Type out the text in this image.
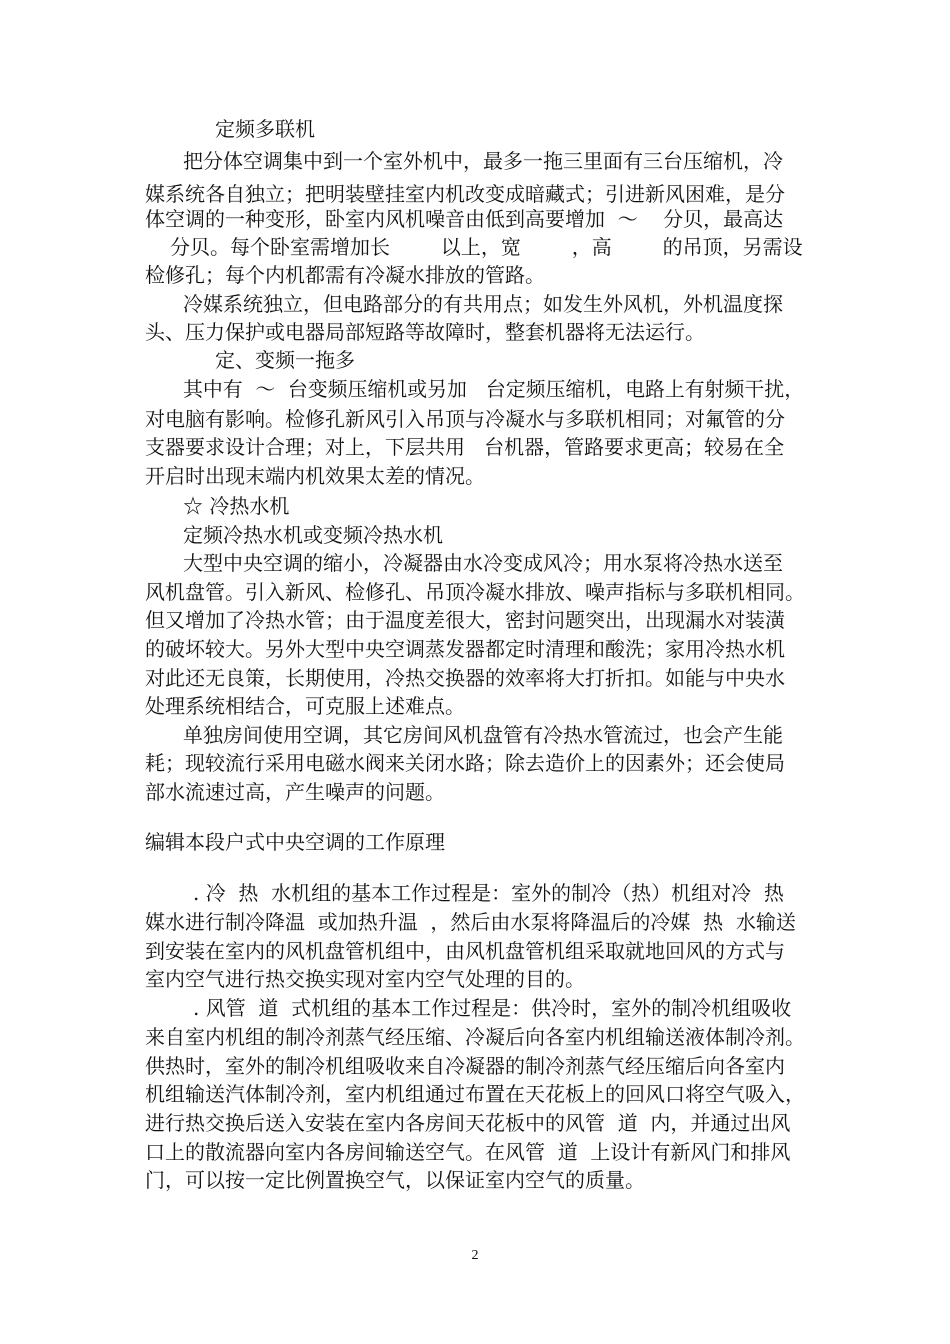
定频多联机
把分体空调集中到一个室外机中，最多一拖三里面有三台压缩机，冷
媒系统各自独立；把明装壁挂室内机改变成暗藏式；引进新风困难，是分
体空调的一种变形，卧室内风机噪音由低到高要增加  ～    分贝，最高达
分贝。每个卧室需增加长        以上，宽        ，高        的吊顶，另需设
检修孔；每个内机都需有冷凝水排放的管路。
冷媒系统独立，但电路部分的有共用点；如发生外风机，外机温度探
头、压力保护或电器局部短路等故障时，整套机器将无法运行。
定、变频一拖多
其中有  ～  台变频压缩机或另加   台定频压缩机，电路上有射频干扰，
对电脑有影响。检修孔新风引入吊顶与冷凝水与多联机相同；对氟管的分
支器要求设计合理；对上，下层共用   台机器，管路要求更高；较易在全
开启时出现末端内机效果太差的情况。
☆ 冷热水机
定频冷热水机或变频冷热水机
大型中央空调的缩小，冷凝器由水冷变成风冷；用水泵将冷热水送至
风机盘管。引入新风、检修孔、吊顶冷凝水排放、噪声指标与多联机相同。
但又增加了冷热水管；由于温度差很大，密封问题突出，出现漏水对装潢
的破坏较大。另外大型中央空调蒸发器都定时清理和酸洗；家用冷热水机
对此还无良策，长期使用，冷热交换器的效率将大打折扣。如能与中央水
处理系统相结合，可克服上述难点。
单独房间使用空调，其它房间风机盘管有冷热水管流过，也会产生能
耗；现较流行采用电磁水阀来关闭水路；除去造价上的因素外；还会使局
部水流速过高，产生噪声的问题。
编辑本段户式中央空调的工作原理
. 冷  热  水机组的基本工作过程是：室外的制冷（热）机组对冷  热
媒水进行制冷降温  或加热升温  ，然后由水泵将降温后的冷媒  热  水输送
到安装在室内的风机盘管机组中，由风机盘管机组采取就地回风的方式与
室内空气进行热交换实现对室内空气处理的目的。
. 风管  道  式机组的基本工作过程是：供冷时，室外的制冷机组吸收
来自室内机组的制冷剂蒸气经压缩、冷凝后向各室内机组输送液体制冷剂。
供热时，室外的制冷机组吸收来自冷凝器的制冷剂蒸气经压缩后向各室内
机组输送汽体制冷剂，室内机组通过布置在天花板上的回风口将空气吸入，
进行热交换后送入安装在室内各房间天花板中的风管  道  内，并通过出风
口上的散流器向室内各房间输送空气。在风管  道  上设计有新风门和排风
门，可以按一定比例置换空气，以保证室内空气的质量。
2
